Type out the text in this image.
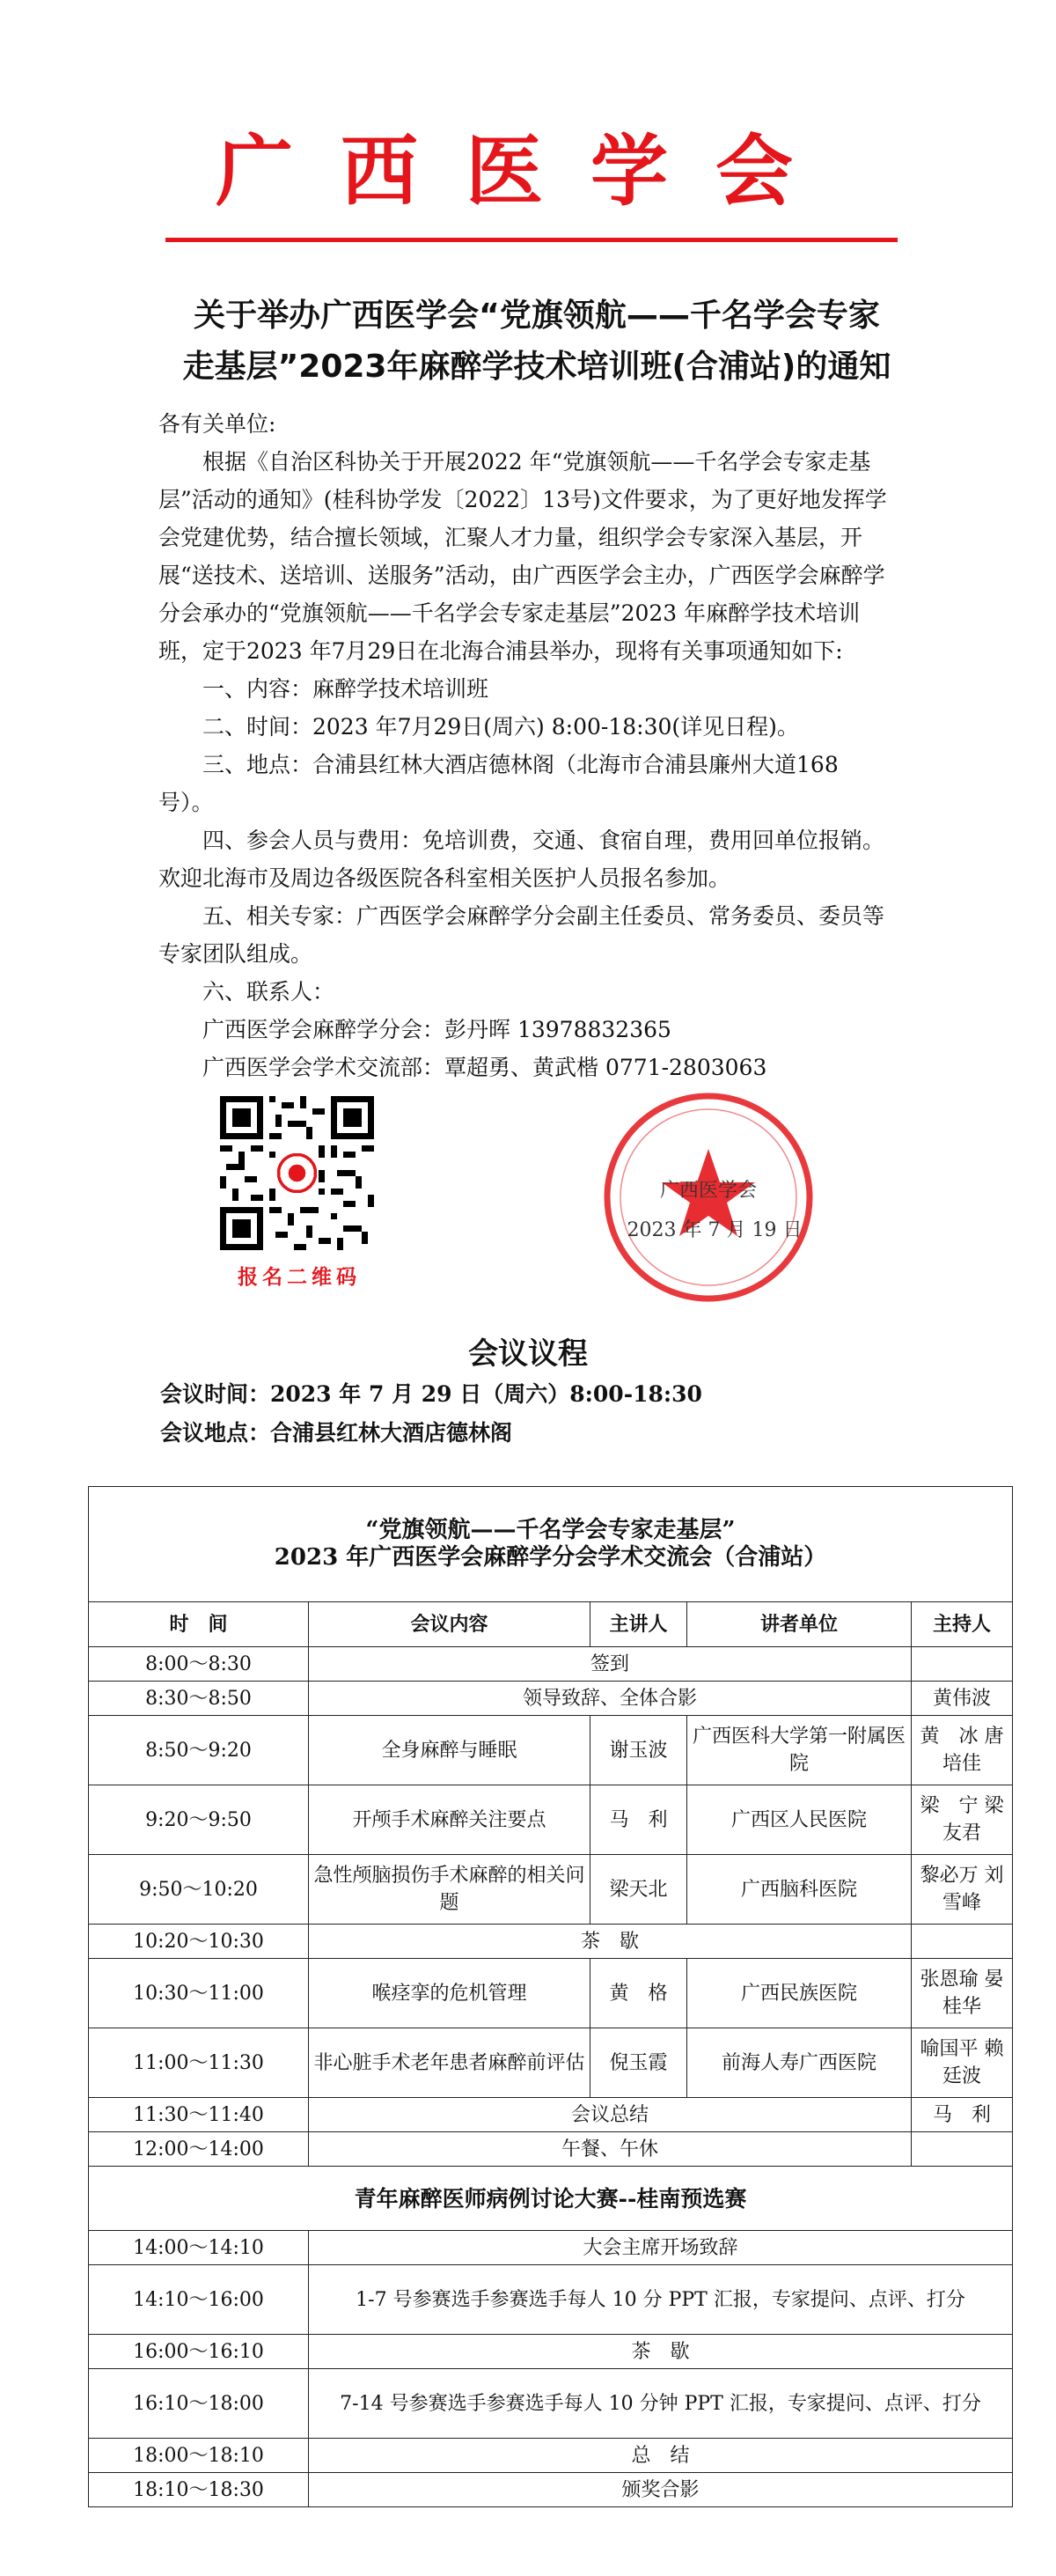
广西医学会
关于举办广西医学会“党旗领航——千名学会专家
走基层”2023年麻醉学技术培训班(合浦站)的通知

各有关单位:

根据《自治区科协关于开展2022 年“党旗领航——千名学会专家走基层”活动的通知》(桂科协学发〔2022〕13号)文件要求，为了更好地发挥学会党建优势，结合擅长领域，汇聚人才力量，组织学会专家深入基层，开展“送技术、送培训、送服务”活动，由广西医学会主办，广西医学会麻醉学分会承办的“党旗领航——千名学会专家走基层”2023 年麻醉学技术培训班，定于2023 年7月29日在北海合浦县举办，现将有关事项通知如下:

一、内容：麻醉学技术培训班

二、时间：2023 年7月29日(周六) 8:00-18:30(详见日程)。

三、地点：合浦县红林大酒店德林阁（北海市合浦县廉州大道168 号）。

四、参会人员与费用：免培训费，交通、食宿自理，费用回单位报销。 欢迎北海市及周边各级医院各科室相关医护人员报名参加。

五、相关专家：广西医学会麻醉学分会副主任委员、常务委员、委员等专家团队组成。

六、联系人：

广西医学会麻醉学分会：彭丹晖 13978832365

广西医学会学术交流部：覃超勇、黄武楷 0771-2803063

报名二维码
广西医学会
2023 年 7 月 19 日
会议议程

会议时间：2023 年 7 月 29 日（周六）8:00-18:30

会议地点：合浦县红林大酒店德林阁

“党旗领航——千名学会专家走基层”
2023 年广西医学会麻醉学分会学术交流会（合浦站）				

时　间	会议内容	主讲人	讲者单位	主持人
8:00～8:30	签到			
8:30～8:50	领导致辞、全体合影			黄伟波
8:50～9:20	全身麻醉与睡眠	谢玉波	广西医科大学第一附属医院	黄　冰 唐培佳
9:20～9:50	开颅手术麻醉关注要点	马　利	广西区人民医院	梁　宁 梁友君
9:50～10:20	急性颅脑损伤手术麻醉的相关问题	梁天北	广西脑科医院	黎必万 刘雪峰
10:20～10:30	茶　歇			
10:30～11:00	喉痉挛的危机管理	黄　格	广西民族医院	张恩瑜 晏桂华
11:00～11:30	非心脏手术老年患者麻醉前评估	倪玉霞	前海人寿广西医院	喻国平 赖廷波
11:30～11:40	会议总结			马　利
12:00～14:00	午餐、午休			
青年麻醉医师病例讨论大赛--桂南预选赛				
14:00～14:10	大会主席开场致辞			
14:10～16:00	1-7 号参赛选手参赛选手每人 10 分 PPT 汇报，专家提问、点评、打分			
16:00～16:10	茶　歇			
16:10～18:00	7-14 号参赛选手参赛选手每人 10 分钟 PPT 汇报，专家提问、点评、打分			
18:00～18:10	总　结			
18:10～18:30	颁奖合影			
